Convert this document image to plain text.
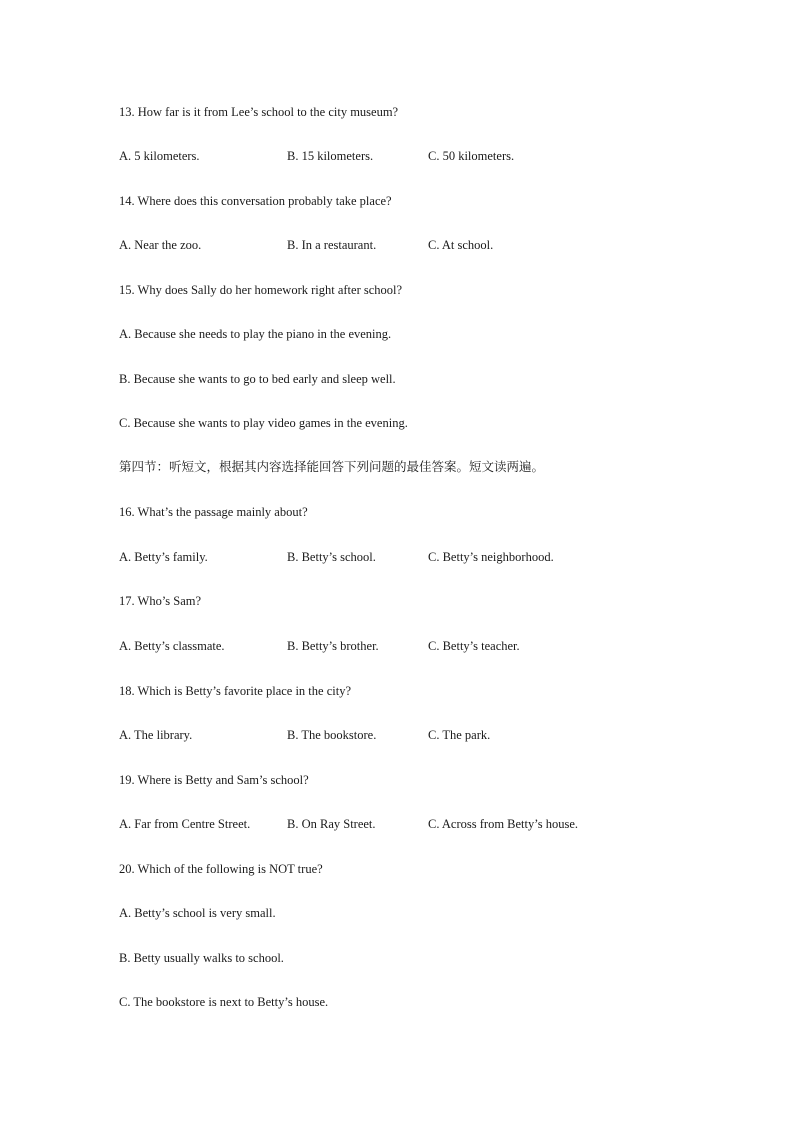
13. How far is it from Lee’s school to the city museum?
A. 5 kilometers.	B. 15 kilometers.	C. 50 kilometers.
14. Where does this conversation probably take place?
A. Near the zoo.	B. In a restaurant.	C. At school.
15. Why does Sally do her homework right after school?
A. Because she needs to play the piano in the evening.
B. Because she wants to go to bed early and sleep well.
C. Because she wants to play video games in the evening.
第四节：听短文，根据其内容选择能回答下列问题的最佳答案。短文读两遍。
16. What’s the passage mainly about?
A. Betty’s family.	B. Betty’s school.	C. Betty’s neighborhood.
17. Who’s Sam?
A. Betty’s classmate.	B. Betty’s brother.	C. Betty’s teacher.
18. Which is Betty’s favorite place in the city?
A. The library.	B. The bookstore.	C. The park.
19. Where is Betty and Sam’s school?
A. Far from Centre Street.	B. On Ray Street.	C. Across from Betty’s house.
20. Which of the following is NOT true?
A. Betty’s school is very small.
B. Betty usually walks to school.
C. The bookstore is next to Betty’s house.
